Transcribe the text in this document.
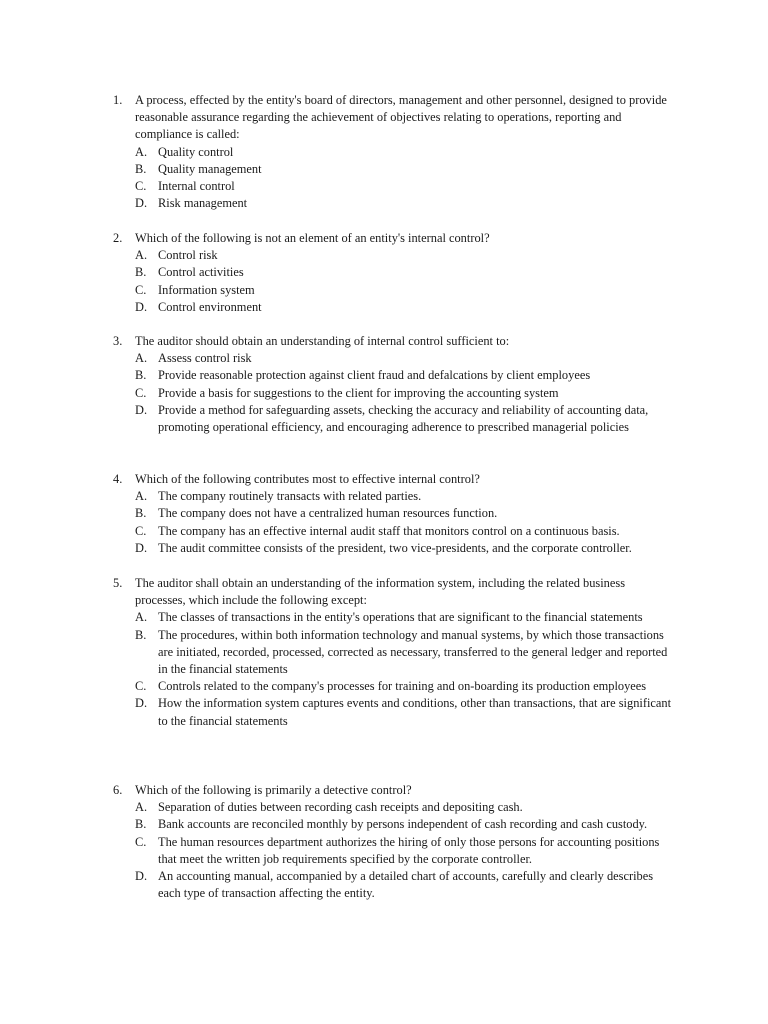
1. A process, effected by the entity's board of directors, management and other personnel, designed to provide reasonable assurance regarding the achievement of objectives relating to operations, reporting and compliance is called:
A. Quality control
B. Quality management
C. Internal control
D. Risk management
2. Which of the following is not an element of an entity's internal control?
A. Control risk
B. Control activities
C. Information system
D. Control environment
3. The auditor should obtain an understanding of internal control sufficient to:
A. Assess control risk
B. Provide reasonable protection against client fraud and defalcations by client employees
C. Provide a basis for suggestions to the client for improving the accounting system
D. Provide a method for safeguarding assets, checking the accuracy and reliability of accounting data, promoting operational efficiency, and encouraging adherence to prescribed managerial policies
4. Which of the following contributes most to effective internal control?
A. The company routinely transacts with related parties.
B. The company does not have a centralized human resources function.
C. The company has an effective internal audit staff that monitors control on a continuous basis.
D. The audit committee consists of the president, two vice-presidents, and the corporate controller.
5. The auditor shall obtain an understanding of the information system, including the related business processes, which include the following except:
A. The classes of transactions in the entity's operations that are significant to the financial statements
B. The procedures, within both information technology and manual systems, by which those transactions are initiated, recorded, processed, corrected as necessary, transferred to the general ledger and reported in the financial statements
C. Controls related to the company's processes for training and on-boarding its production employees
D. How the information system captures events and conditions, other than transactions, that are significant to the financial statements
6. Which of the following is primarily a detective control?
A. Separation of duties between recording cash receipts and depositing cash.
B. Bank accounts are reconciled monthly by persons independent of cash recording and cash custody.
C. The human resources department authorizes the hiring of only those persons for accounting positions that meet the written job requirements specified by the corporate controller.
D. An accounting manual, accompanied by a detailed chart of accounts, carefully and clearly describes each type of transaction affecting the entity.
